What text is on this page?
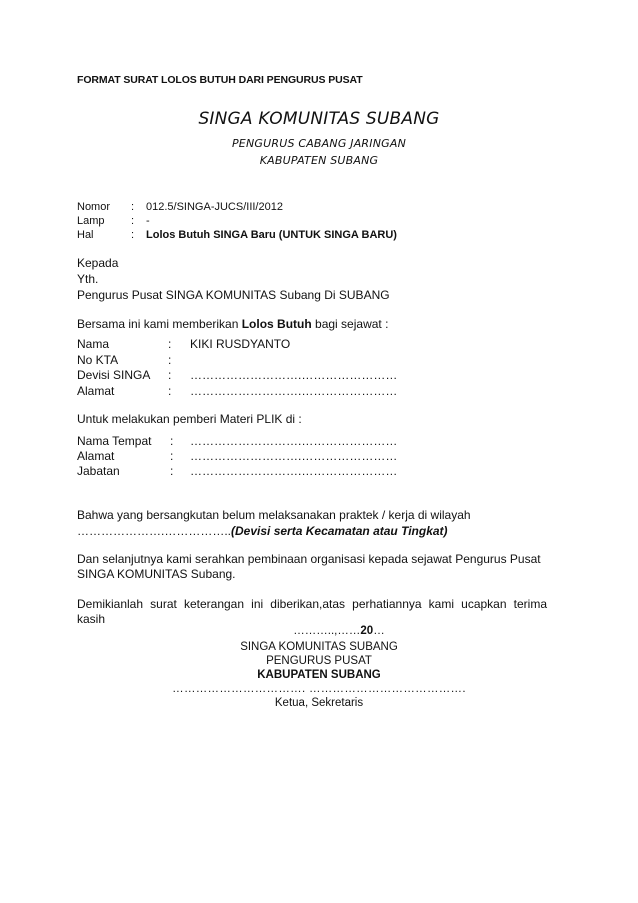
FORMAT SURAT LOLOS BUTUH DARI PENGURUS PUSAT
SINGA KOMUNITAS SUBANG
PENGURUS CABANG JARINGAN
KABUPATEN SUBANG
Nomor : 012.5/SINGA-JUCS/III/2012
Lamp : -
Hal	: Lolos Butuh SINGA Baru (UNTUK SINGA BARU)
Kepada
Yth.
Pengurus Pusat SINGA KOMUNITAS Subang Di SUBANG
Bersama ini kami memberikan Lolos Butuh bagi sejawat :
Nama	: KIKI RUSDYANTO
No KTA	:
Devisi SINGA : ……………………….……………………
Alamat	: ……………………….……………………
Untuk melakukan pemberi Materi PLIK di :
Nama Tempat : ……………………….……………………
Alamat	: ……………………….……………………
Jabatan	: ……………………….……………………
Bahwa yang bersangkutan belum melaksanakan praktek / kerja di wilayah
………………….……………..(Devisi serta Kecamatan atau Tingkat)
Dan selanjutnya kami serahkan pembinaan organisasi kepada sejawat Pengurus Pusat SINGA KOMUNITAS Subang.
Demikianlah surat keterangan ini diberikan,atas perhatiannya kami ucapkan terima kasih
………..,……20…
SINGA KOMUNITAS SUBANG
PENGURUS PUSAT
KABUPATEN SUBANG
……………………………. ………………………………….
Ketua, Sekretaris
